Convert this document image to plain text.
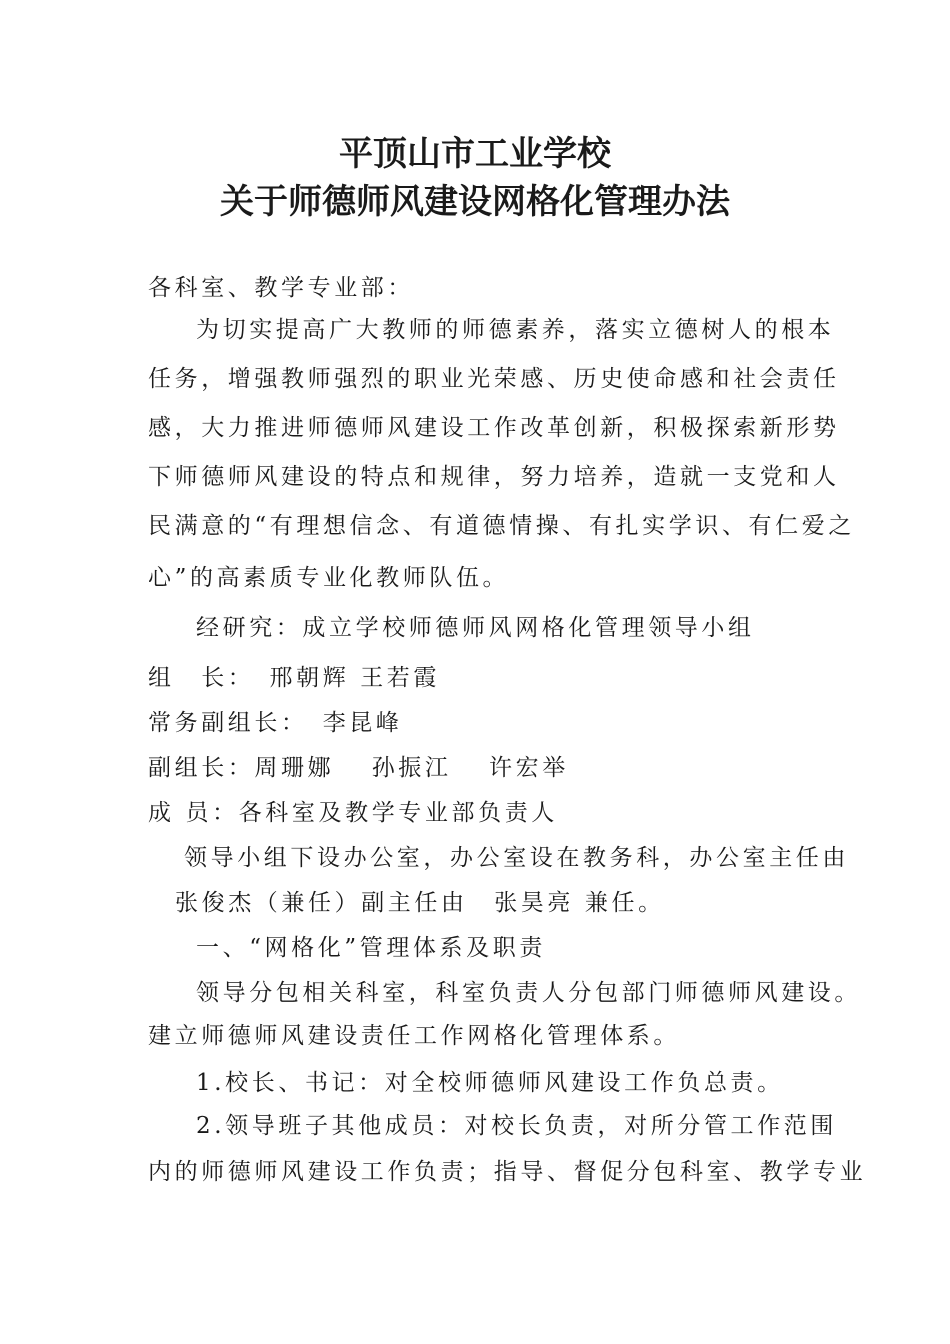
平顶山市工业学校
关于师德师风建设网格化管理办法

各科室、教学专业部：

为切实提高广大教师的师德素养，落实立德树人的根本

任务，增强教师强烈的职业光荣感、历史使命感和社会责任

感，大力推进师德师风建设工作改革创新，积极探索新形势

下师德师风建设的特点和规律，努力培养，造就一支党和人

民满意的“有理想信念、有道德情操、有扎实学识、有仁爱之

心”的高素质专业化教师队伍。

经研究：成立学校师德师风网格化管理领导小组

组　长：　邢朝辉 王若霞

常务副组长：　李昆峰

副组长：周珊娜　 孙振江　 许宏举

成 员：各科室及教学专业部负责人

领导小组下设办公室，办公室设在教务科，办公室主任由

张俊杰（兼任）副主任由　张昊亮 兼任。

一、“网格化”管理体系及职责

领导分包相关科室，科室负责人分包部门师德师风建设。

建立师德师风建设责任工作网格化管理体系。

1.校长、书记：对全校师德师风建设工作负总责。

2.领导班子其他成员：对校长负责，对所分管工作范围

内的师德师风建设工作负责；指导、督促分包科室、教学专业
